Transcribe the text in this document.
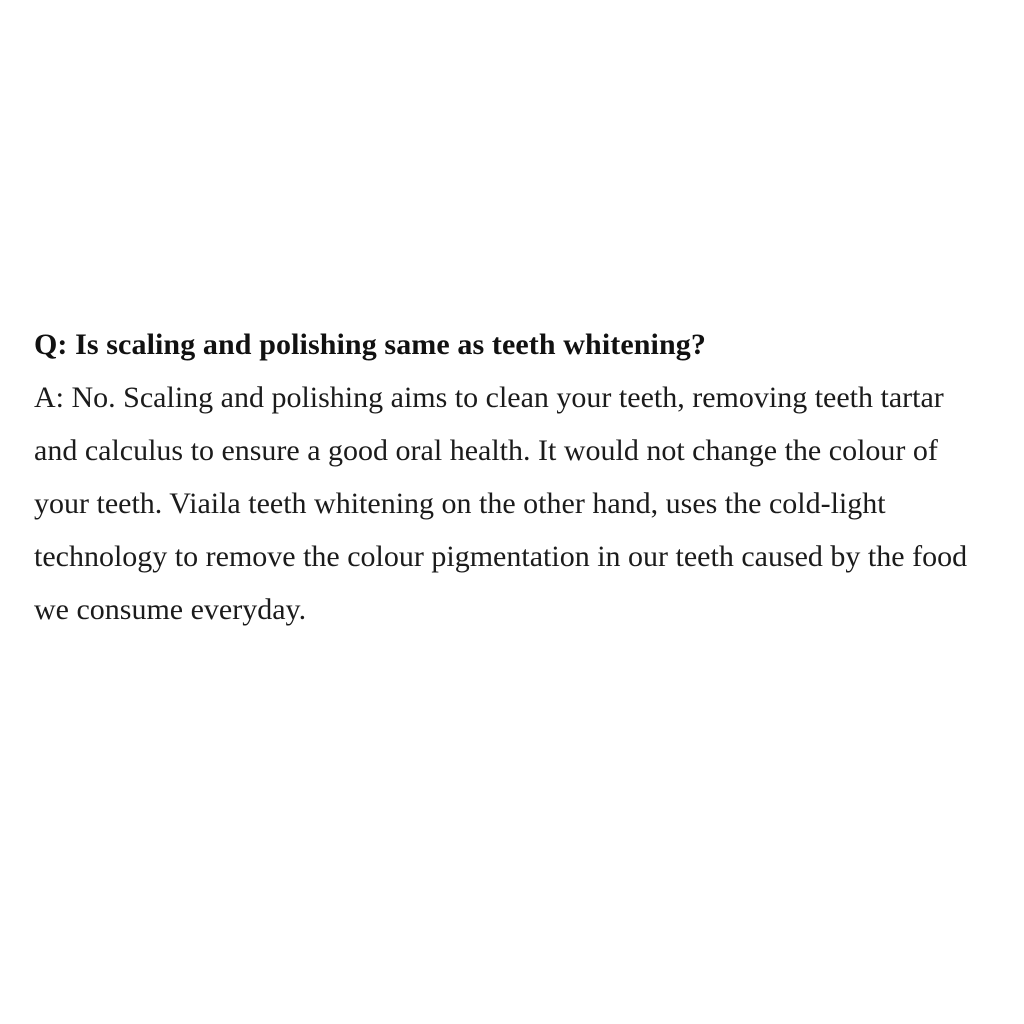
Q: Is scaling and polishing same as teeth whitening?

A: No. Scaling and polishing aims to clean your teeth, removing teeth tartar and calculus to ensure a good oral health. It would not change the colour of your teeth. Viaila teeth whitening on the other hand, uses the cold-light technology to remove the colour pigmentation in our teeth caused by the food we consume everyday.
